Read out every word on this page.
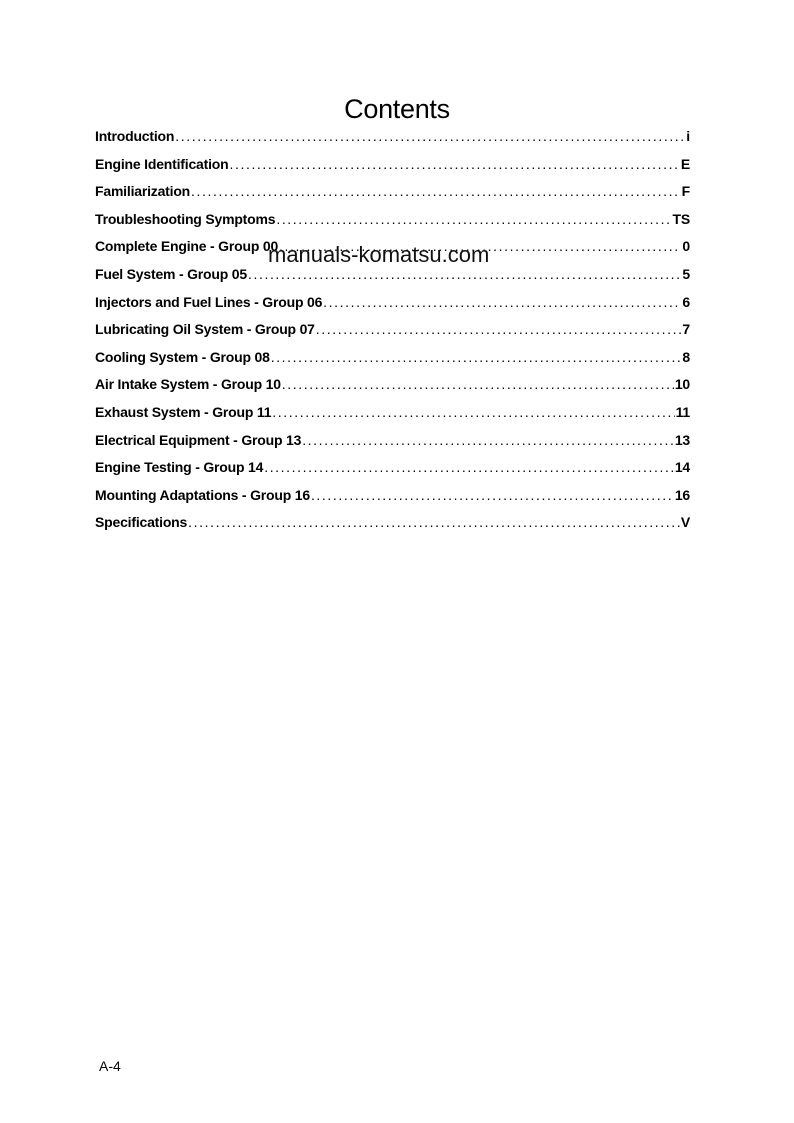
Contents
Introduction .....	i
Engine Identification .....	E
Familiarization .....	F
Troubleshooting Symptoms .....	TS
Complete Engine - Group 00 .....	0
Fuel System - Group 05 .....	5
Injectors and Fuel Lines - Group 06 .....	6
Lubricating Oil System - Group 07 .....	7
Cooling System - Group 08 .....	8
Air Intake System - Group 10 .....	10
Exhaust System - Group 11 .....	11
Electrical Equipment - Group 13 .....	13
Engine Testing - Group 14 .....	14
Mounting Adaptations - Group 16 .....	16
Specifications .....	V
manuals-komatsu.com
A-4
